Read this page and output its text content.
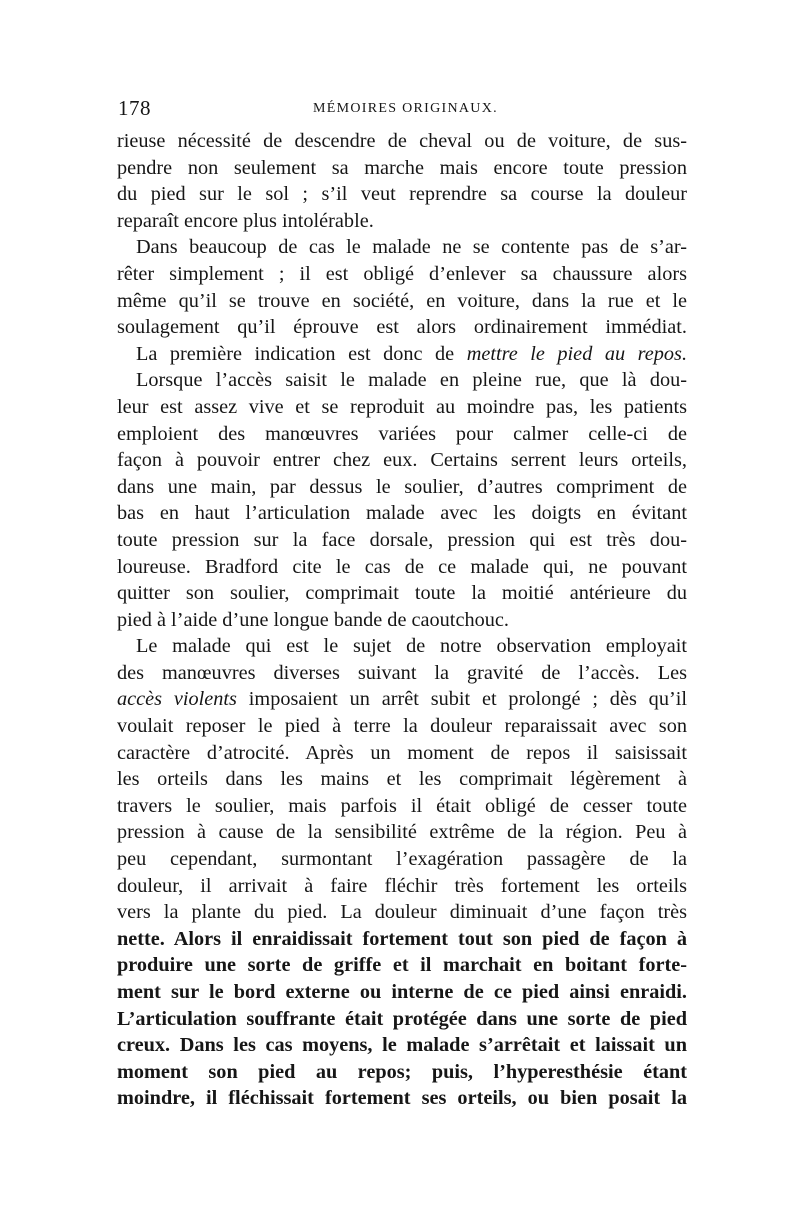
178	MÉMOIRES ORIGINAUX.
rieuse nécessité de descendre de cheval ou de voiture, de sus-
pendre non seulement sa marche mais encore toute pression
du pied sur le sol ; s’il veut reprendre sa course la douleur
reparaît encore plus intolérable.
Dans beaucoup de cas le malade ne se contente pas de s’ar-
rêter simplement ; il est obligé d’enlever sa chaussure alors
même qu’il se trouve en société, en voiture, dans la rue et le
soulagement qu’il éprouve est alors ordinairement immédiat.
La première indication est donc de mettre le pied au repos.
Lorsque l’accès saisit le malade en pleine rue, que là dou-
leur est assez vive et se reproduit au moindre pas, les patients
emploient des manœuvres variées pour calmer celle-ci de
façon à pouvoir entrer chez eux. Certains serrent leurs orteils,
dans une main, par dessus le soulier, d’autres compriment de
bas en haut l’articulation malade avec les doigts en évitant
toute pression sur la face dorsale, pression qui est très dou-
loureuse. Bradford cite le cas de ce malade qui, ne pouvant
quitter son soulier, comprimait toute la moitié antérieure du
pied à l’aide d’une longue bande de caoutchouc.
Le malade qui est le sujet de notre observation employait
des manœuvres diverses suivant la gravité de l’accès. Les
accès violents imposaient un arrêt subit et prolongé ; dès qu’il
voulait reposer le pied à terre la douleur reparaissait avec son
caractère d’atrocité. Après un moment de repos il saisissait
les orteils dans les mains et les comprimait légèrement à
travers le soulier, mais parfois il était obligé de cesser toute
pression à cause de la sensibilité extrême de la région. Peu à
peu cependant, surmontant l’exagération passagère de la
douleur, il arrivait à faire fléchir très fortement les orteils
vers la plante du pied. La douleur diminuait d’une façon très
nette. Alors il enraidissait fortement tout son pied de façon à
produire une sorte de griffe et il marchait en boitant forte-
ment sur le bord externe ou interne de ce pied ainsi enraidi.
L’articulation souffrante était protégée dans une sorte de pied
creux. Dans les cas moyens, le malade s’arrêtait et laissait un
moment son pied au repos; puis, l’hyperesthésie étant
moindre, il fléchissait fortement ses orteils, ou bien posait la
